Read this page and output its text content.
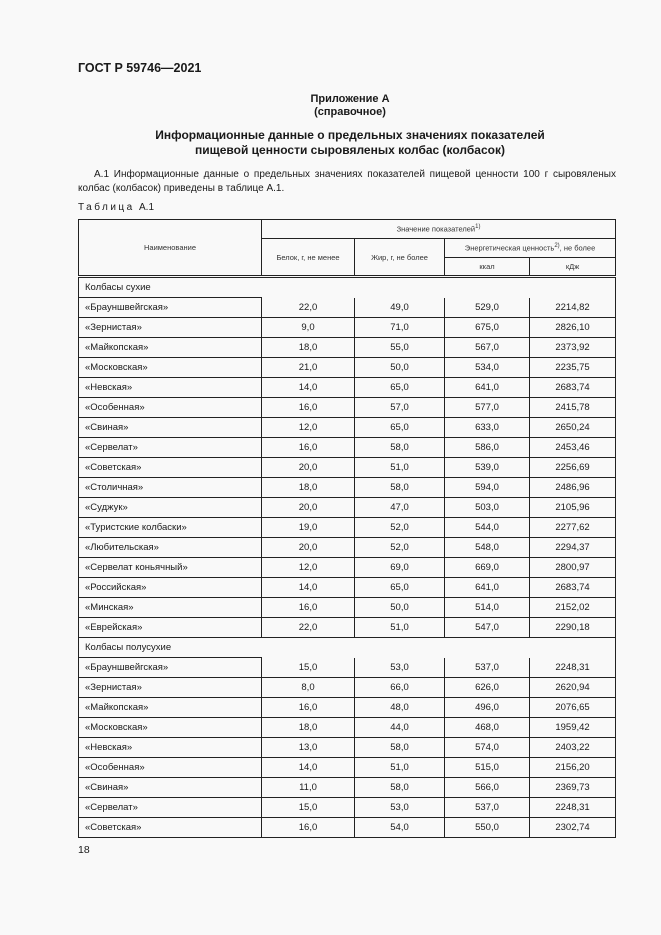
ГОСТ Р 59746—2021
Приложение А
(справочное)
Информационные данные о предельных значениях показателей
пищевой ценности сыровяленых колбас (колбасок)
А.1 Информационные данные о предельных значениях показателей пищевой ценности 100 г сыровяленых колбас (колбасок) приведены в таблице А.1.
Таблица А.1
Наименование	Значение показателей$^{1)}$
	Белок, г, не менее	Жир, г, не более	Энергетическая ценность$^{2)}$, не более	
			ккал	кДж
Колбасы сухие				
«Брауншвейгская»	22,0	49,0	529,0	2214,82
«Зернистая»	9,0	71,0	675,0	2826,10
«Майкопская»	18,0	55,0	567,0	2373,92
«Московская»	21,0	50,0	534,0	2235,75
«Невская»	14,0	65,0	641,0	2683,74
«Особенная»	16,0	57,0	577,0	2415,78
«Свиная»	12,0	65,0	633,0	2650,24
«Сервелат»	16,0	58,0	586,0	2453,46
«Советская»	20,0	51,0	539,0	2256,69
«Столичная»	18,0	58,0	594,0	2486,96
«Суджук»	20,0	47,0	503,0	2105,96
«Туристские колбаски»	19,0	52,0	544,0	2277,62
«Любительская»	20,0	52,0	548,0	2294,37
«Сервелат коньячный»	12,0	69,0	669,0	2800,97
«Российская»	14,0	65,0	641,0	2683,74
«Минская»	16,0	50,0	514,0	2152,02
«Еврейская»	22,0	51,0	547,0	2290,18
Колбасы полусухие				
«Брауншвейгская»	15,0	53,0	537,0	2248,31
«Зернистая»	8,0	66,0	626,0	2620,94
«Майкопская»	16,0	48,0	496,0	2076,65
«Московская»	18,0	44,0	468,0	1959,42
«Невская»	13,0	58,0	574,0	2403,22
«Особенная»	14,0	51,0	515,0	2156,20
«Свиная»	11,0	58,0	566,0	2369,73
«Сервелат»	15,0	53,0	537,0	2248,31
«Советская»	16,0	54,0	550,0	2302,74
18
